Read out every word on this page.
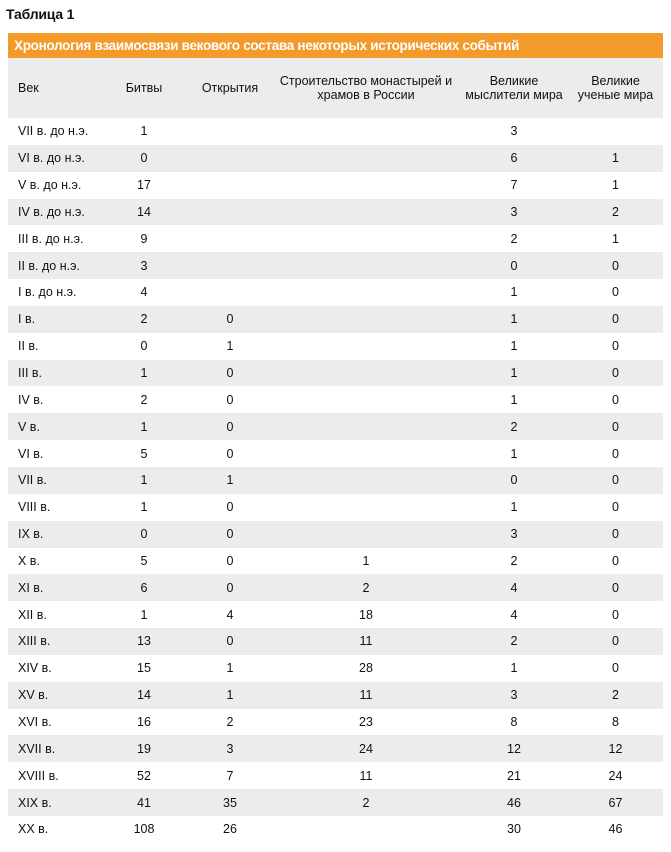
Таблица 1
Хронология взаимосвязи векового состава некоторых исторических событий
Век	Битвы	Открытия	Строительство монастырей и храмов в России	Великие мыслители мира	Великие ученые мира
VII в. до н.э.	1			3	
VI в. до н.э.	0			6	1
V в. до н.э.	17			7	1
IV в. до н.э.	14			3	2
III в. до н.э.	9			2	1
II в. до н.э.	3			0	0
I в. до н.э.	4			1	0
I в.	2	0		1	0
II в.	0	1		1	0
III в.	1	0		1	0
IV в.	2	0		1	0
V в.	1	0		2	0
VI в.	5	0		1	0
VII в.	1	1		0	0
VIII в.	1	0		1	0
IX в.	0	0		3	0
X в.	5	0	1	2	0
XI в.	6	0	2	4	0
XII в.	1	4	18	4	0
XIII в.	13	0	11	2	0
XIV в.	15	1	28	1	0
XV в.	14	1	11	3	2
XVI в.	16	2	23	8	8
XVII в.	19	3	24	12	12
XVIII в.	52	7	11	21	24
XIX в.	41	35	2	46	67
XX в.	108	26		30	46
